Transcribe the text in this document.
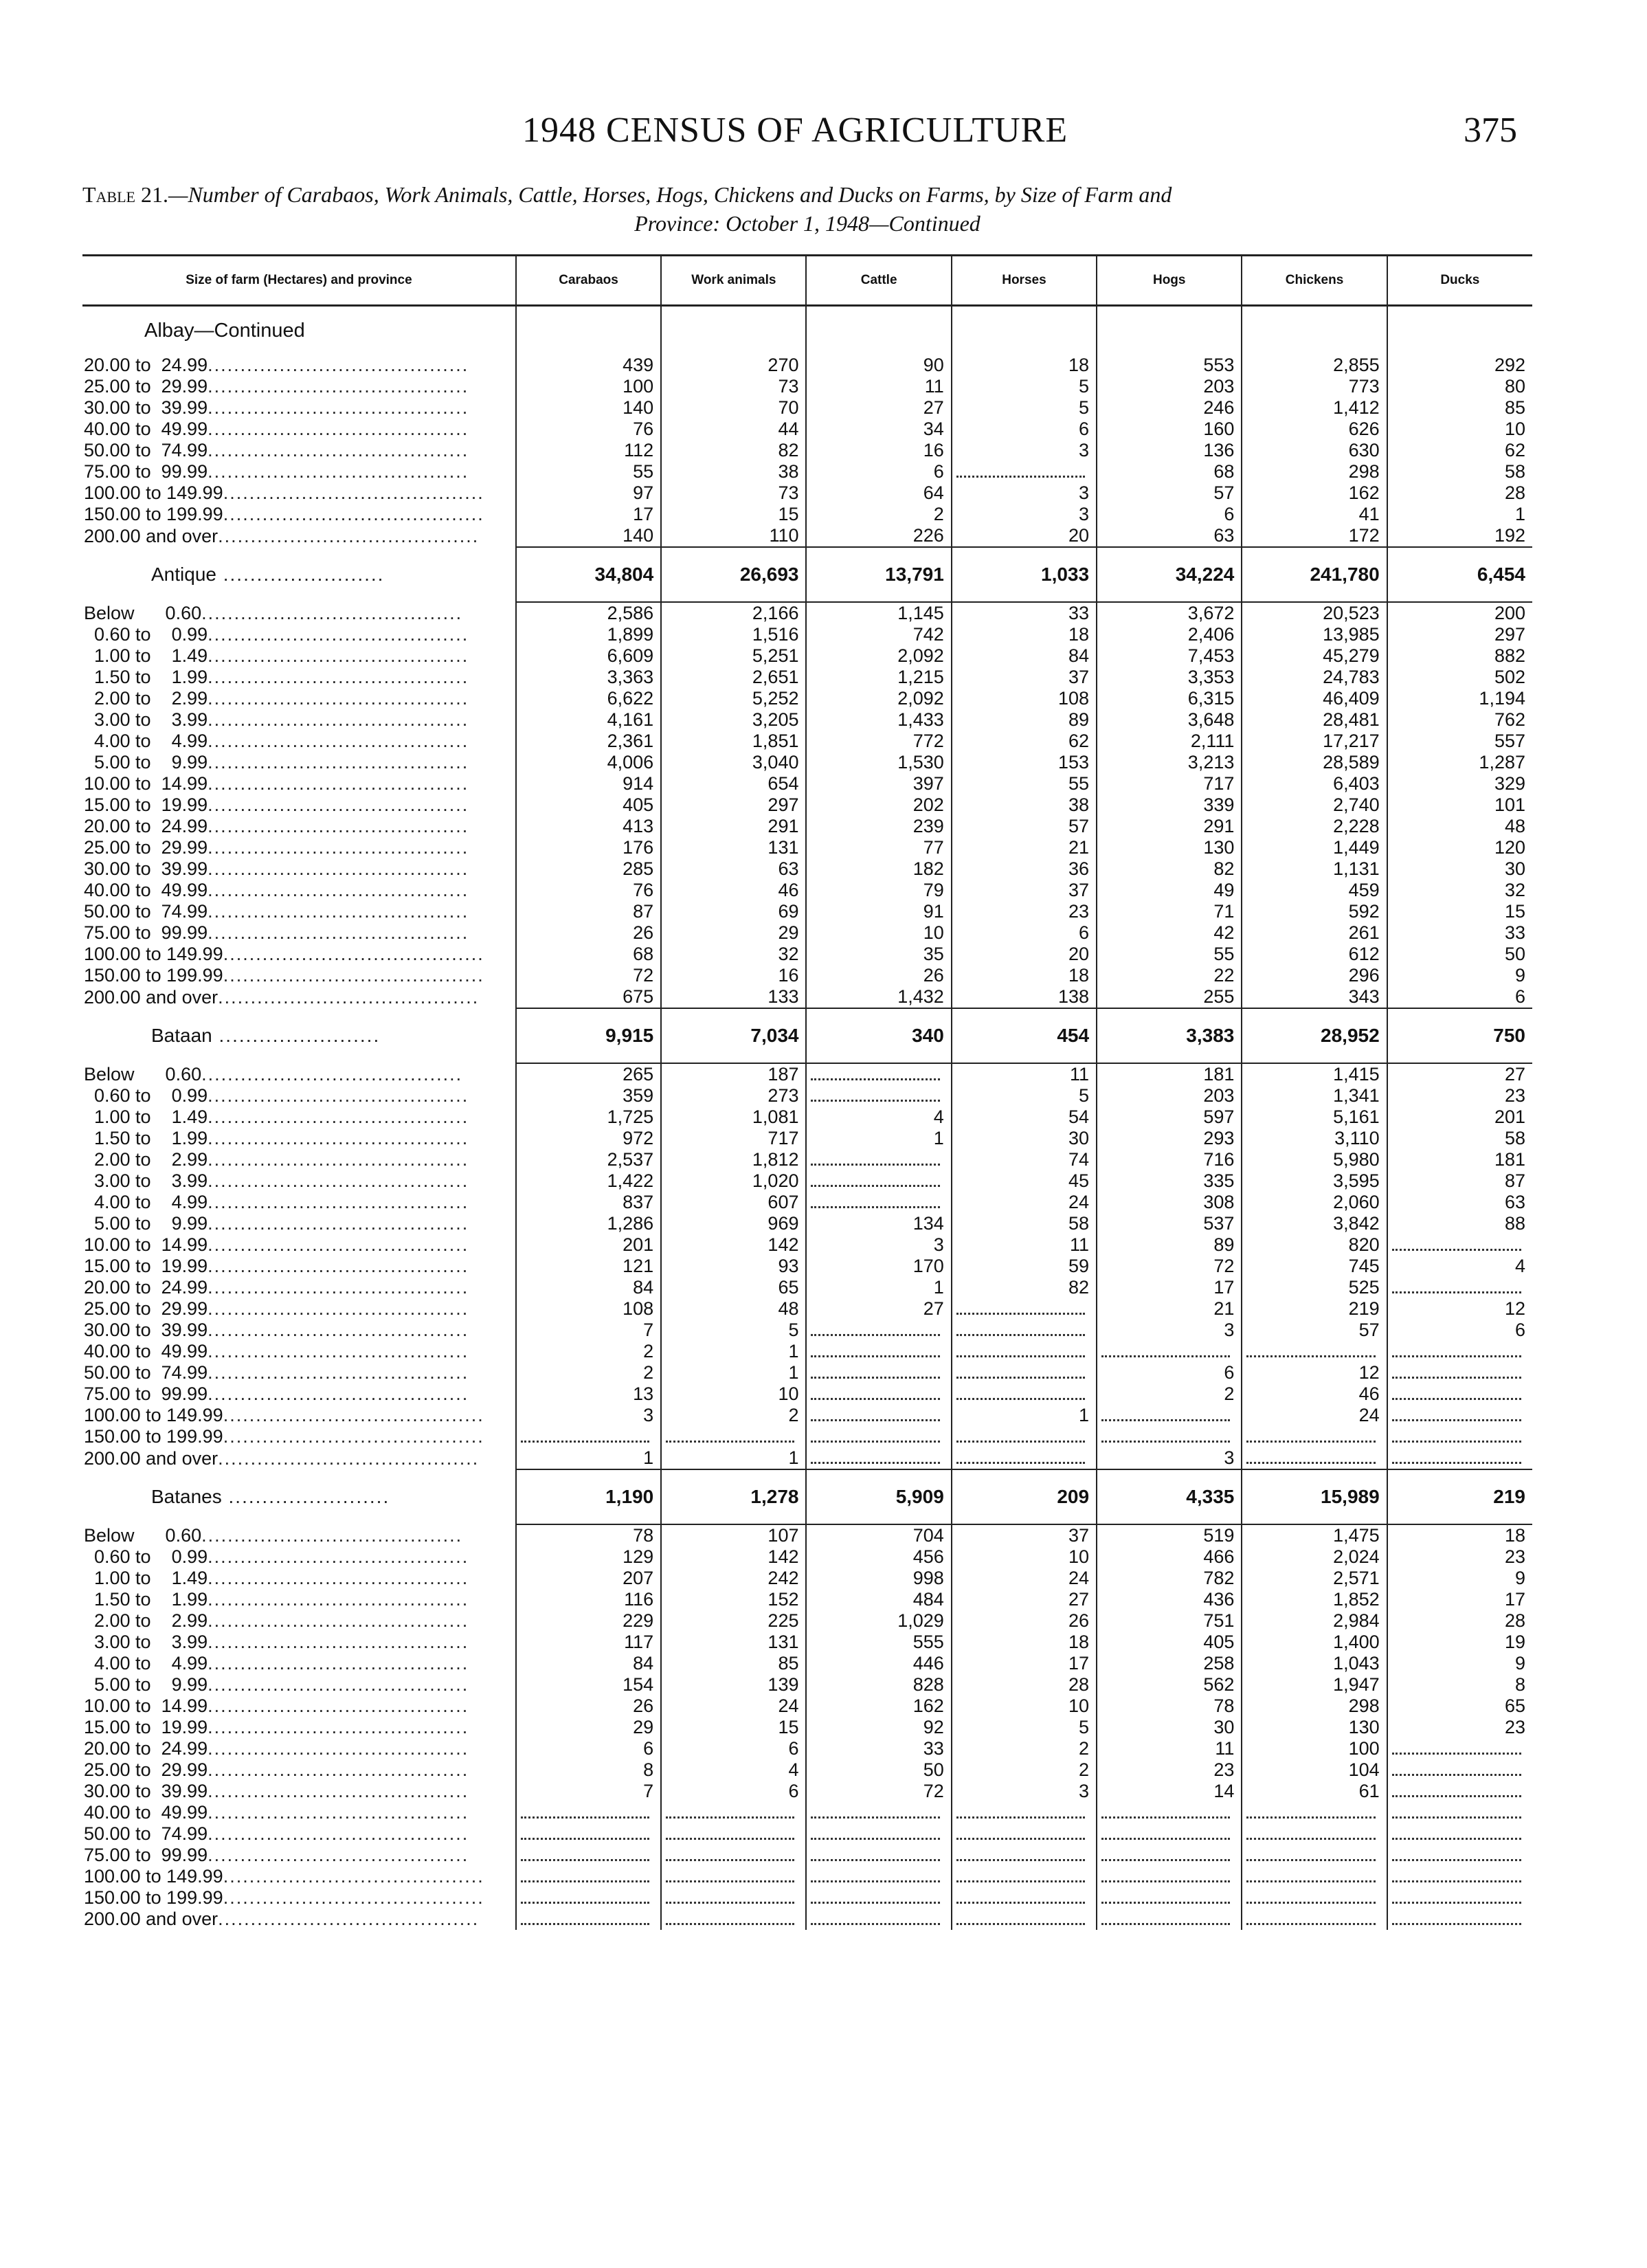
1948 CENSUS OF AGRICULTURE	375
Table 21.—Number of Carabaos, Work Animals, Cattle, Horses, Hogs, Chickens and Ducks on Farms, by Size of Farm and
Province: October 1, 1948—Continued
Size of farm (Hectares) and province	Carabaos	Work animals	Cattle	Horses	Hogs	Chickens	Ducks
Albay—Continued							
20.00 to  24.99........................................	439	270	90	18	553	2,855	292
25.00 to  29.99........................................	100	73	11	5	203	773	80
30.00 to  39.99........................................	140	70	27	5	246	1,412	85
40.00 to  49.99........................................	76	44	34	6	160	626	10
50.00 to  74.99........................................	112	82	16	3	136	630	62
75.00 to  99.99........................................	55	38	6		68	298	58
100.00 to 149.99........................................	97	73	64	3	57	162	28
150.00 to 199.99........................................	17	15	2	3	6	41	1
200.00 and over........................................	140	110	226	20	63	172	192
Antique ........................	34,804	26,693	13,791	1,033	34,224	241,780	6,454
Below      0.60........................................	2,586	2,166	1,145	33	3,672	20,523	200
0.60 to    0.99........................................	1,899	1,516	742	18	2,406	13,985	297
1.00 to    1.49........................................	6,609	5,251	2,092	84	7,453	45,279	882
1.50 to    1.99........................................	3,363	2,651	1,215	37	3,353	24,783	502
2.00 to    2.99........................................	6,622	5,252	2,092	108	6,315	46,409	1,194
3.00 to    3.99........................................	4,161	3,205	1,433	89	3,648	28,481	762
4.00 to    4.99........................................	2,361	1,851	772	62	2,111	17,217	557
5.00 to    9.99........................................	4,006	3,040	1,530	153	3,213	28,589	1,287
10.00 to  14.99........................................	914	654	397	55	717	6,403	329
15.00 to  19.99........................................	405	297	202	38	339	2,740	101
20.00 to  24.99........................................	413	291	239	57	291	2,228	48
25.00 to  29.99........................................	176	131	77	21	130	1,449	120
30.00 to  39.99........................................	285	63	182	36	82	1,131	30
40.00 to  49.99........................................	76	46	79	37	49	459	32
50.00 to  74.99........................................	87	69	91	23	71	592	15
75.00 to  99.99........................................	26	29	10	6	42	261	33
100.00 to 149.99........................................	68	32	35	20	55	612	50
150.00 to 199.99........................................	72	16	26	18	22	296	9
200.00 and over........................................	675	133	1,432	138	255	343	6
Bataan ........................	9,915	7,034	340	454	3,383	28,952	750
Below      0.60........................................	265	187		11	181	1,415	27
0.60 to    0.99........................................	359	273		5	203	1,341	23
1.00 to    1.49........................................	1,725	1,081	4	54	597	5,161	201
1.50 to    1.99........................................	972	717	1	30	293	3,110	58
2.00 to    2.99........................................	2,537	1,812		74	716	5,980	181
3.00 to    3.99........................................	1,422	1,020		45	335	3,595	87
4.00 to    4.99........................................	837	607		24	308	2,060	63
5.00 to    9.99........................................	1,286	969	134	58	537	3,842	88
10.00 to  14.99........................................	201	142	3	11	89	820	

15.00 to  19.99........................................	121	93	170	59	72	745	4
20.00 to  24.99........................................	84	65	1	82	17	525	

25.00 to  29.99........................................	108	48	27		21	219	12
30.00 to  39.99........................................	7	5			3	57	6
40.00 to  49.99........................................	2	1	

50.00 to  74.99........................................	2	1			6	12	

75.00 to  99.99........................................	13	10			2	46	

100.00 to 149.99........................................	3	2		1		24	

150.00 to 199.99........................................	

200.00 and over........................................	1	1			3	

Batanes ........................	1,190	1,278	5,909	209	4,335	15,989	219
Below      0.60........................................	78	107	704	37	519	1,475	18
0.60 to    0.99........................................	129	142	456	10	466	2,024	23
1.00 to    1.49........................................	207	242	998	24	782	2,571	9
1.50 to    1.99........................................	116	152	484	27	436	1,852	17
2.00 to    2.99........................................	229	225	1,029	26	751	2,984	28
3.00 to    3.99........................................	117	131	555	18	405	1,400	19
4.00 to    4.99........................................	84	85	446	17	258	1,043	9
5.00 to    9.99........................................	154	139	828	28	562	1,947	8
10.00 to  14.99........................................	26	24	162	10	78	298	65
15.00 to  19.99........................................	29	15	92	5	30	130	23
20.00 to  24.99........................................	6	6	33	2	11	100	

25.00 to  29.99........................................	8	4	50	2	23	104	

30.00 to  39.99........................................	7	6	72	3	14	61	

40.00 to  49.99........................................	

50.00 to  74.99........................................	

75.00 to  99.99........................................	

100.00 to 149.99........................................	

150.00 to 199.99........................................	

200.00 and over........................................	
